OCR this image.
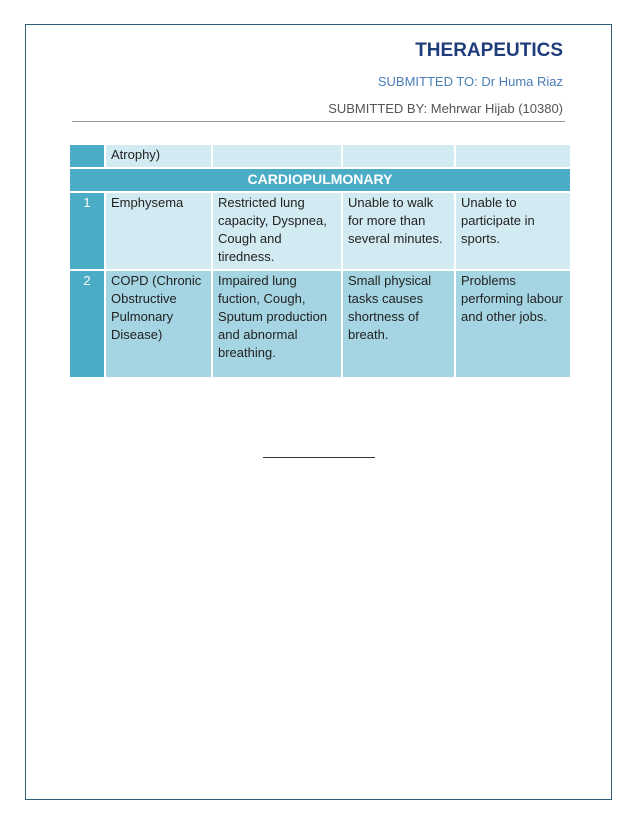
THERAPEUTICS
SUBMITTED TO: Dr Huma Riaz
SUBMITTED BY: Mehrwar Hijab (10380)
	Atrophy)			
CARDIOPULMONARY				
1	Emphysema	Restricted lung capacity, Dyspnea, Cough and tiredness.	Unable to walk for more than several minutes.	Unable to participate in sports.
2	COPD (Chronic Obstructive Pulmonary Disease)	Impaired lung fuction, Cough, Sputum production and abnormal breathing.	Small physical tasks causes shortness of breath.	Problems performing labour and other jobs.
